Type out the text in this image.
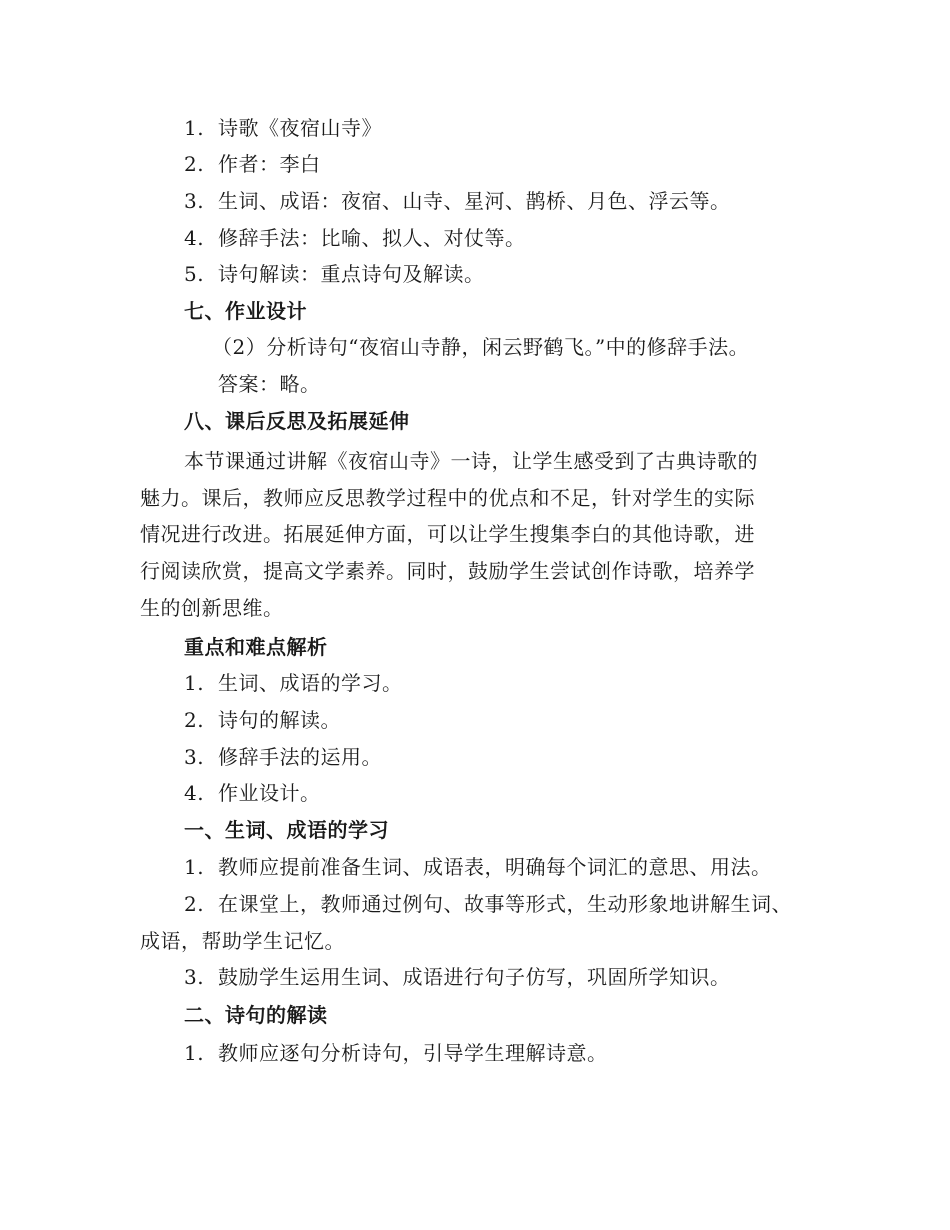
1. 诗歌《夜宿山寺》
2. 作者：李白
3. 生词、成语：夜宿、山寺、星河、鹊桥、月色、浮云等。
4. 修辞手法：比喻、拟人、对仗等。
5. 诗句解读：重点诗句及解读。
七、作业设计
（2）分析诗句“夜宿山寺静，闲云野鹤飞。”中的修辞手法。
答案：略。
八、课后反思及拓展延伸
本节课通过讲解《夜宿山寺》一诗，让学生感受到了古典诗歌的
魅力。课后，教师应反思教学过程中的优点和不足，针对学生的实际
情况进行改进。拓展延伸方面，可以让学生搜集李白的其他诗歌，进
行阅读欣赏，提高文学素养。同时，鼓励学生尝试创作诗歌，培养学
生的创新思维。
重点和难点解析
1. 生词、成语的学习。
2. 诗句的解读。
3. 修辞手法的运用。
4. 作业设计。
一、生词、成语的学习
1. 教师应提前准备生词、成语表，明确每个词汇的意思、用法。
2. 在课堂上，教师通过例句、故事等形式，生动形象地讲解生词、
成语，帮助学生记忆。
3. 鼓励学生运用生词、成语进行句子仿写，巩固所学知识。
二、诗句的解读
1. 教师应逐句分析诗句，引导学生理解诗意。
